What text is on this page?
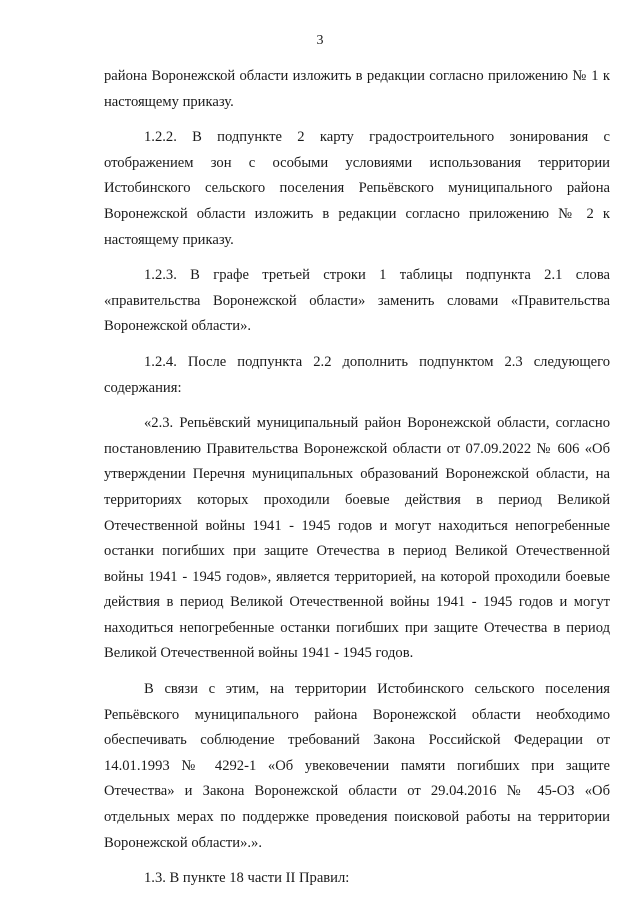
3

района Воронежской области изложить в редакции согласно приложению № 1 к настоящему приказу.

1.2.2. В подпункте 2 карту градостроительного зонирования с отображением зон с особыми условиями использования территории Истобинского сельского поселения Репьёвского муниципального района Воронежской области изложить в редакции согласно приложению № 2 к настоящему приказу.

1.2.3. В графе третьей строки 1 таблицы подпункта 2.1 слова «правительства Воронежской области» заменить словами «Правительства Воронежской области».

1.2.4. После подпункта 2.2 дополнить подпунктом 2.3 следующего содержания:

«2.3. Репьёвский муниципальный район Воронежской области, согласно постановлению Правительства Воронежской области от 07.09.2022 № 606 «Об утверждении Перечня муниципальных образований Воронежской области, на территориях которых проходили боевые действия в период Великой Отечественной войны 1941 - 1945 годов и могут находиться непогребенные останки погибших при защите Отечества в период Великой Отечественной войны 1941 - 1945 годов», является территорией, на которой проходили боевые действия в период Великой Отечественной войны 1941 - 1945 годов и могут находиться непогребенные останки погибших при защите Отечества в период Великой Отечественной войны 1941 - 1945 годов.

В связи с этим, на территории Истобинского сельского поселения Репьёвского муниципального района Воронежской области необходимо обеспечивать соблюдение требований Закона Российской Федерации от 14.01.1993 № 4292-1 «Об увековечении памяти погибших при защите Отечества» и Закона Воронежской области от 29.04.2016 № 45-ОЗ «Об отдельных мерах по поддержке проведения поисковой работы на территории Воронежской области».».

1.3. В пункте 18 части II Правил:
